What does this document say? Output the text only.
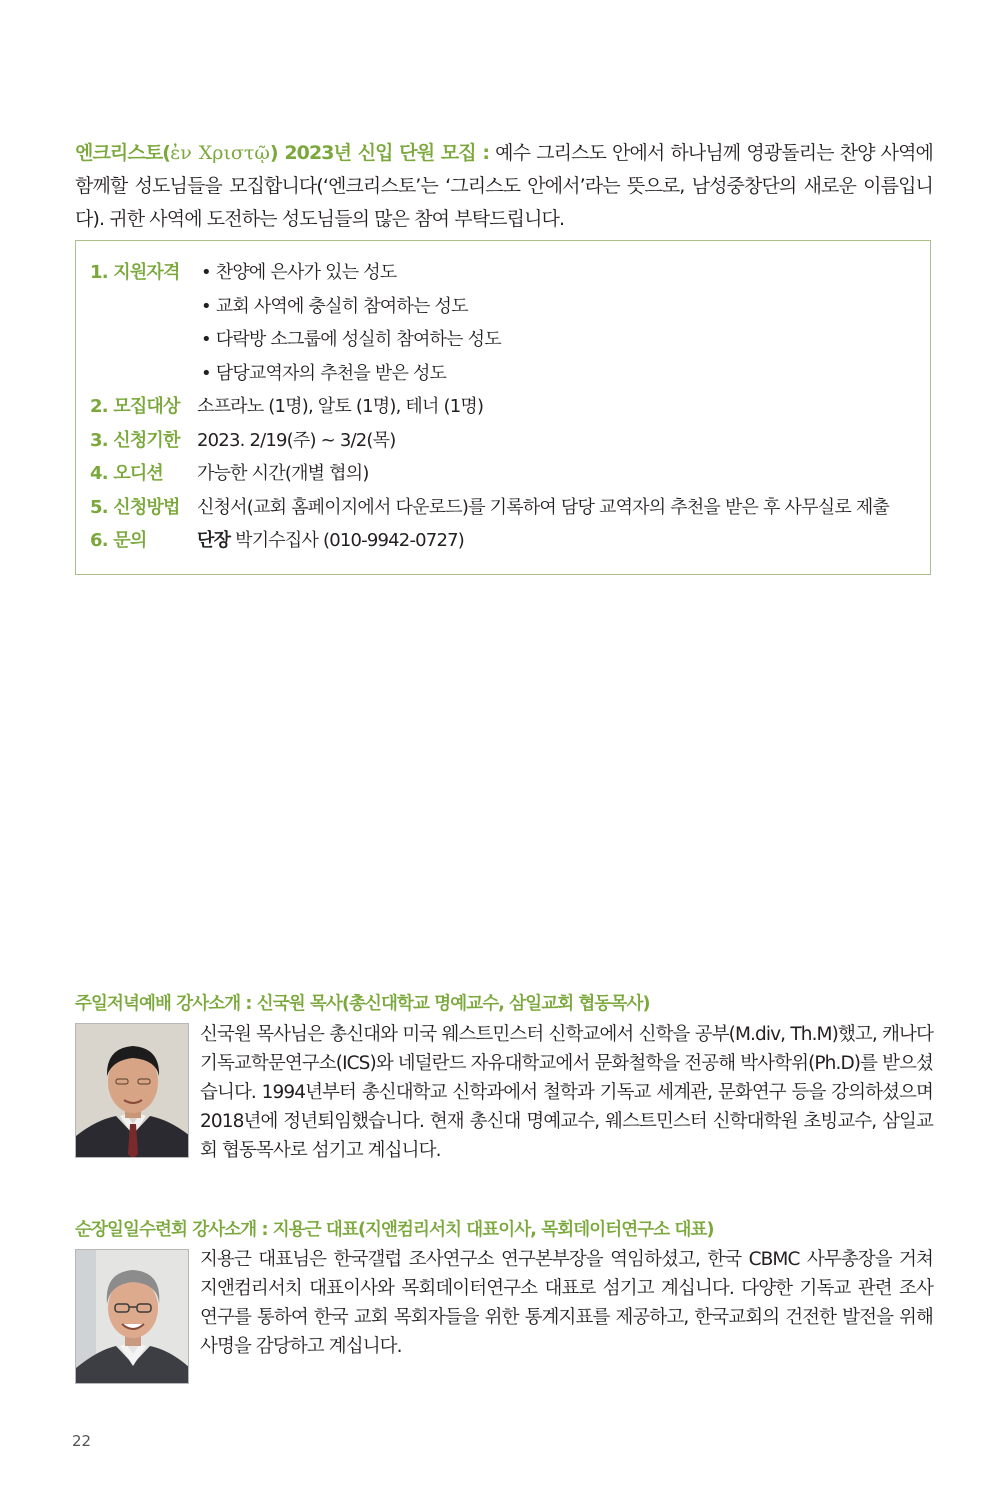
엔크리스토(ἐν Χριστῷ) 2023년 신입 단원 모집 : 예수 그리스도 안에서 하나님께 영광돌리는 찬양 사역에 함께할 성도님들을 모집합니다(‘엔크리스토’는 ‘그리스도 안에서’라는 뜻으로, 남성중창단의 새로운 이름입니다). 귀한 사역에 도전하는 성도님들의 많은 참여 부탁드립니다.
1. 지원자격	• 찬양에 은사가 있는 성도
• 교회 사역에 충실히 참여하는 성도
• 다락방 소그룹에 성실히 참여하는 성도
• 담당교역자의 추천을 받은 성도
2. 모집대상 소프라노 (1명), 알토 (1명), 테너 (1명)
3. 신청기한 2023. 2/19(주) ~ 3/2(목)
4. 오디션 가능한 시간(개별 협의)
5. 신청방법 신청서(교회 홈페이지에서 다운로드)를 기록하여 담당 교역자의 추천을 받은 후 사무실로 제출
6. 문의	단장 박기수집사 (010-9942-0727)
주일저녁예배 강사소개 : 신국원 목사(총신대학교 명예교수, 삼일교회 협동목사)
신국원 목사님은 총신대와 미국 웨스트민스터 신학교에서 신학을 공부(M.div, Th.M)했고, 캐나다 기독교학문연구소(ICS)와 네덜란드 자유대학교에서 문화철학을 전공해 박사학위(Ph.D)를 받으셨습니다. 1994년부터 총신대학교 신학과에서 철학과 기독교 세계관, 문화연구 등을 강의하셨으며 2018년에 정년퇴임했습니다. 현재 총신대 명예교수, 웨스트민스터 신학대학원 초빙교수, 삼일교회 협동목사로 섬기고 계십니다.
순장일일수련회 강사소개 : 지용근 대표(지앤컴리서치 대표이사, 목회데이터연구소 대표)
지용근 대표님은 한국갤럽 조사연구소 연구본부장을 역임하셨고, 한국 CBMC 사무총장을 거쳐 지앤컴리서치 대표이사와 목회데이터연구소 대표로 섬기고 계십니다. 다양한 기독교 관련 조사 연구를 통하여 한국 교회 목회자들을 위한 통계지표를 제공하고, 한국교회의 건전한 발전을 위해 사명을 감당하고 계십니다.
22
